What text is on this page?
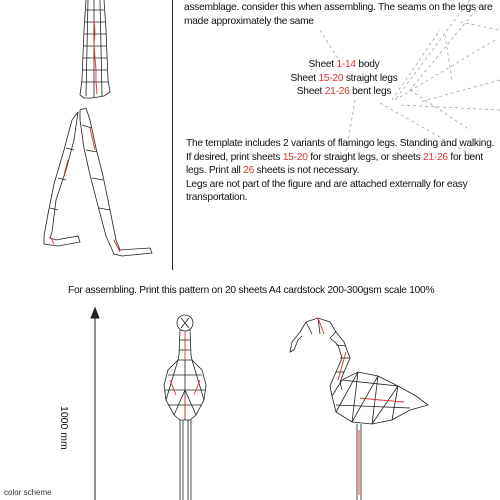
assemblage. consider this when assembling. The seams on the legs are
made approximately the same
Sheet 1-14 body
Sheet 15-20 straight legs
Sheet 21-26 bent legs
The template includes 2 variants of flamingo legs. Standing and walking.
If desired, print sheets 15-20 for straight legs, or sheets 21-26 for bent
legs. Print all 26 sheets is not necessary.
Legs are not part of the figure and are attached externally for easy
transportation.
For assembling. Print this pattern on 20 sheets A4 cardstock 200-300gsm scale 100%
1000 mm
color scheme
